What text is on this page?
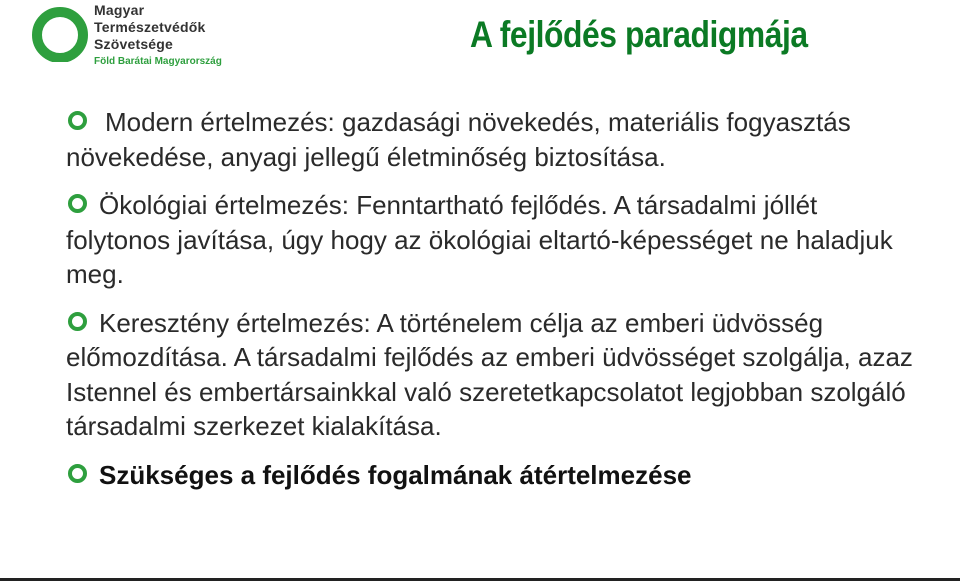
Magyar
Természetvédők
Szövetsége
Föld Barátai Magyarország
A fejlődés paradigmája

Modern értelmezés: gazdasági növekedés, materiális fogyasztás növekedése, anyagi jellegű életminőség biztosítása.

Ökológiai értelmezés: Fenntartható fejlődés. A társadalmi jóllét folytonos javítása, úgy hogy az ökológiai eltartó-képességet ne haladjuk meg.

Keresztény értelmezés: A történelem célja az emberi üdvösség előmozdítása. A társadalmi fejlődés az emberi üdvösséget szolgálja, azaz Istennel és embertársainkkal való szeretetkapcsolatot legjobban szolgáló társadalmi szerkezet kialakítása.

Szükséges a fejlődés fogalmának átértelmezése
